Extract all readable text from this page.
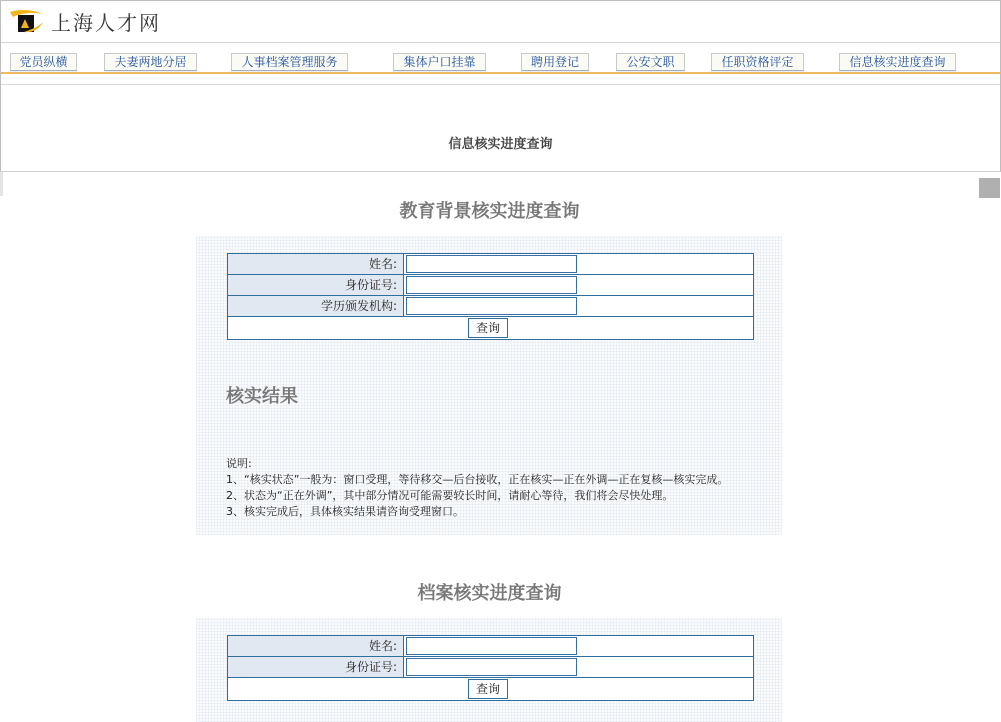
上海人才网
党员纵横	夫妻两地分居	人事档案管理服务	集体户口挂靠	聘用登记	公安文职	任职资格评定	信息核实进度查询
信息核实进度查询
教育背景核实进度查询
姓名:
身份证号:
学历颁发机构:
查询
核实结果
说明:
1、“核实状态”一般为：窗口受理，等待移交—后台接收，正在核实—正在外调—正在复核—核实完成。
2、状态为“正在外调”，其中部分情况可能需要较长时间，请耐心等待，我们将会尽快处理。
3、核实完成后，具体核实结果请咨询受理窗口。
档案核实进度查询
姓名:
身份证号:
查询
